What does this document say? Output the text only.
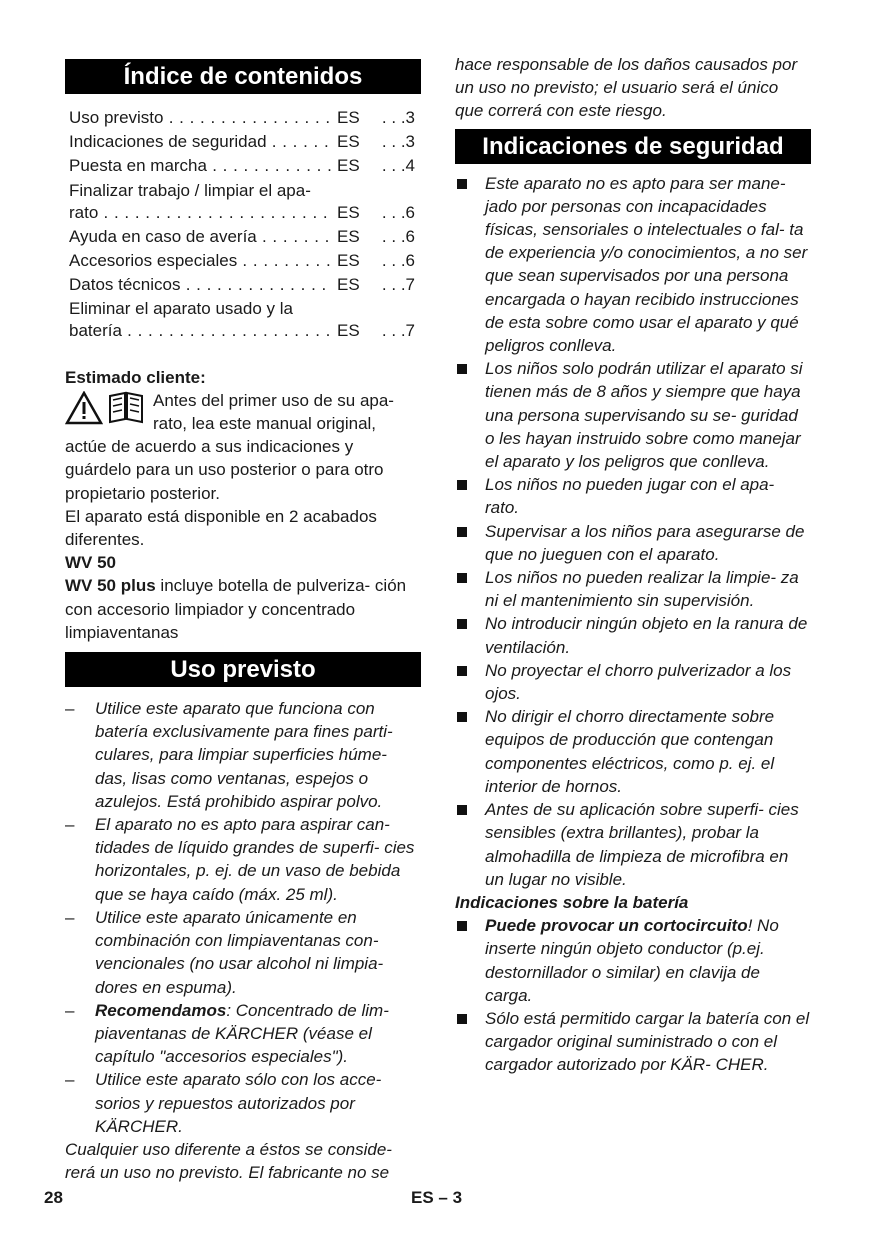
Índice de contenidos
Uso previsto . . .	ES	. . .3
Indicaciones de seguridad . . .	ES	. . .3
Puesta en marcha . . .	ES	. . .4
Finalizar trabajo / limpiar el apa-
rato . . .	ES	. . .6
Ayuda en caso de avería . . .	ES	. . .6
Accesorios especiales . . .	ES	. . .6
Datos técnicos . . .	ES	. . .7
Eliminar el aparato usado y la
batería . . .	ES	. . .7

Estimado cliente:

Antes del primer uso de su apa- rato, lea este manual original,

actúe de acuerdo a sus indicaciones y guárdelo para un uso posterior o para otro propietario posterior.

El aparato está disponible en 2 acabados diferentes.

WV 50

WV 50 plus incluye botella de pulveriza- ción con accesorio limpiador y concentrado limpiaventanas

Uso previsto
– Utilice este aparato que funciona con batería exclusivamente para fines parti- culares, para limpiar superficies húme- das, lisas como ventanas, espejos o azulejos. Está prohibido aspirar polvo.
– El aparato no es apto para aspirar can- tidades de líquido grandes de superfi- cies horizontales, p. ej. de un vaso de bebida que se haya caído (máx. 25 ml).
– Utilice este aparato únicamente en combinación con limpiaventanas con- vencionales (no usar alcohol ni limpia- dores en espuma).
– Recomendamos: Concentrado de lim- piaventanas de KÄRCHER (véase el capítulo "accesorios especiales").
– Utilice este aparato sólo con los acce- sorios y repuestos autorizados por KÄRCHER.

Cualquier uso diferente a éstos se conside- rerá un uso no previsto. El fabricante no se

hace responsable de los daños causados por un uso no previsto; el usuario será el único que correrá con este riesgo.

Indicaciones de seguridad
Este aparato no es apto para ser mane- jado por personas con incapacidades físicas, sensoriales o intelectuales o fal- ta de experiencia y/o conocimientos, a no ser que sean supervisados por una persona encargada o hayan recibido instrucciones de esta sobre como usar el aparato y qué peligros conlleva.
Los niños solo podrán utilizar el aparato si tienen más de 8 años y siempre que haya una persona supervisando su se- guridad o les hayan instruido sobre como manejar el aparato y los peligros que conlleva.
Los niños no pueden jugar con el apa- rato.
Supervisar a los niños para asegurarse de que no jueguen con el aparato.
Los niños no pueden realizar la limpie- za ni el mantenimiento sin supervisión.
No introducir ningún objeto en la ranura de ventilación.
No proyectar el chorro pulverizador a los ojos.
No dirigir el chorro directamente sobre equipos de producción que contengan componentes eléctricos, como p. ej. el interior de hornos.
Antes de su aplicación sobre superfi- cies sensibles (extra brillantes), probar la almohadilla de limpieza de microfibra en un lugar no visible.

Indicaciones sobre la batería

Puede provocar un cortocircuito! No inserte ningún objeto conductor (p.ej. destornillador o similar) en clavija de carga.
Sólo está permitido cargar la batería con el cargador original suministrado o con el cargador autorizado por KÄR- CHER.
28	ES – 3
